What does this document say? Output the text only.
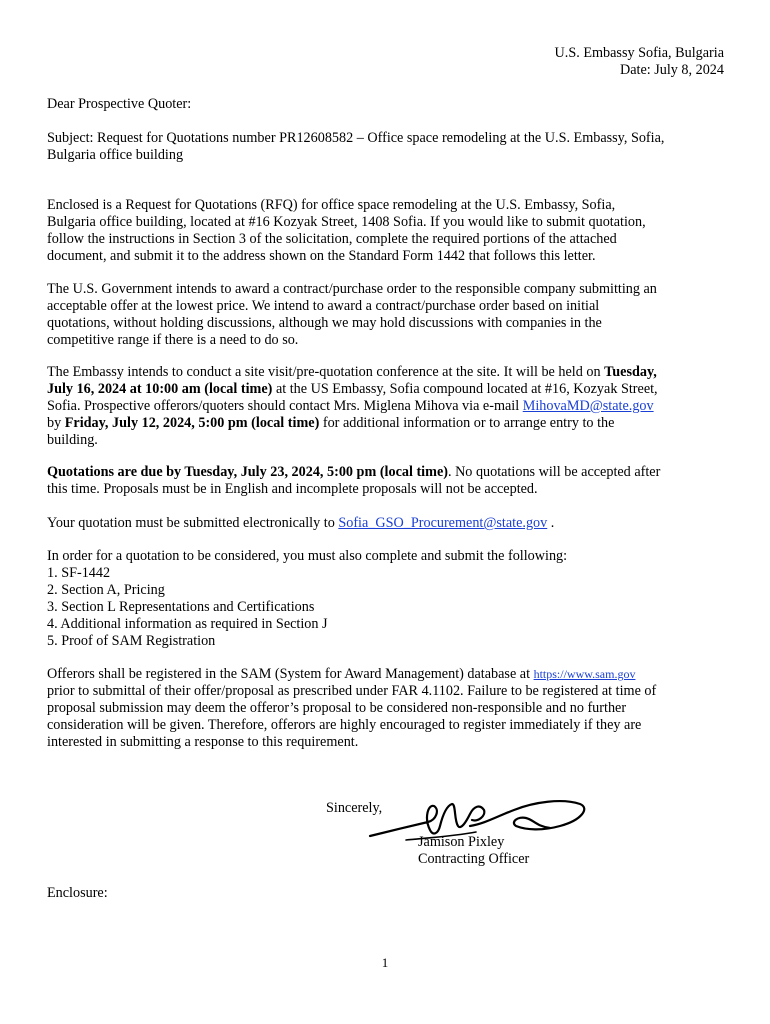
U.S. Embassy Sofia, Bulgaria
Date: July 8, 2024
Dear Prospective Quoter:
Subject: Request for Quotations number PR12608582 – Office space remodeling at the U.S. Embassy, Sofia,
Bulgaria office building
Enclosed is a Request for Quotations (RFQ) for office space remodeling at the U.S. Embassy, Sofia,
Bulgaria office building, located at #16 Kozyak Street, 1408 Sofia. If you would like to submit quotation,
follow the instructions in Section 3 of the solicitation, complete the required portions of the attached
document, and submit it to the address shown on the Standard Form 1442 that follows this letter.
The U.S. Government intends to award a contract/purchase order to the responsible company submitting an
acceptable offer at the lowest price. We intend to award a contract/purchase order based on initial
quotations, without holding discussions, although we may hold discussions with companies in the
competitive range if there is a need to do so.
The Embassy intends to conduct a site visit/pre-quotation conference at the site. It will be held on Tuesday,
July 16, 2024 at 10:00 am (local time) at the US Embassy, Sofia compound located at #16, Kozyak Street,
Sofia. Prospective offerors/quoters should contact Mrs. Miglena Mihova via e-mail MihovaMD@state.gov
by Friday, July 12, 2024, 5:00 pm (local time) for additional information or to arrange entry to the
building.
Quotations are due by Tuesday, July 23, 2024, 5:00 pm (local time). No quotations will be accepted after
this time. Proposals must be in English and incomplete proposals will not be accepted.
Your quotation must be submitted electronically to Sofia_GSO_Procurement@state.gov .
In order for a quotation to be considered, you must also complete and submit the following:
1. SF-1442
2. Section A, Pricing
3. Section L Representations and Certifications
4. Additional information as required in Section J
5. Proof of SAM Registration
Offerors shall be registered in the SAM (System for Award Management) database at https://www.sam.gov
prior to submittal of their offer/proposal as prescribed under FAR 4.1102. Failure to be registered at time of
proposal submission may deem the offeror’s proposal to be considered non-responsible and no further
consideration will be given. Therefore, offerors are highly encouraged to register immediately if they are
interested in submitting a response to this requirement.
Sincerely,
Jamison Pixley
Contracting Officer
Enclosure:
1
